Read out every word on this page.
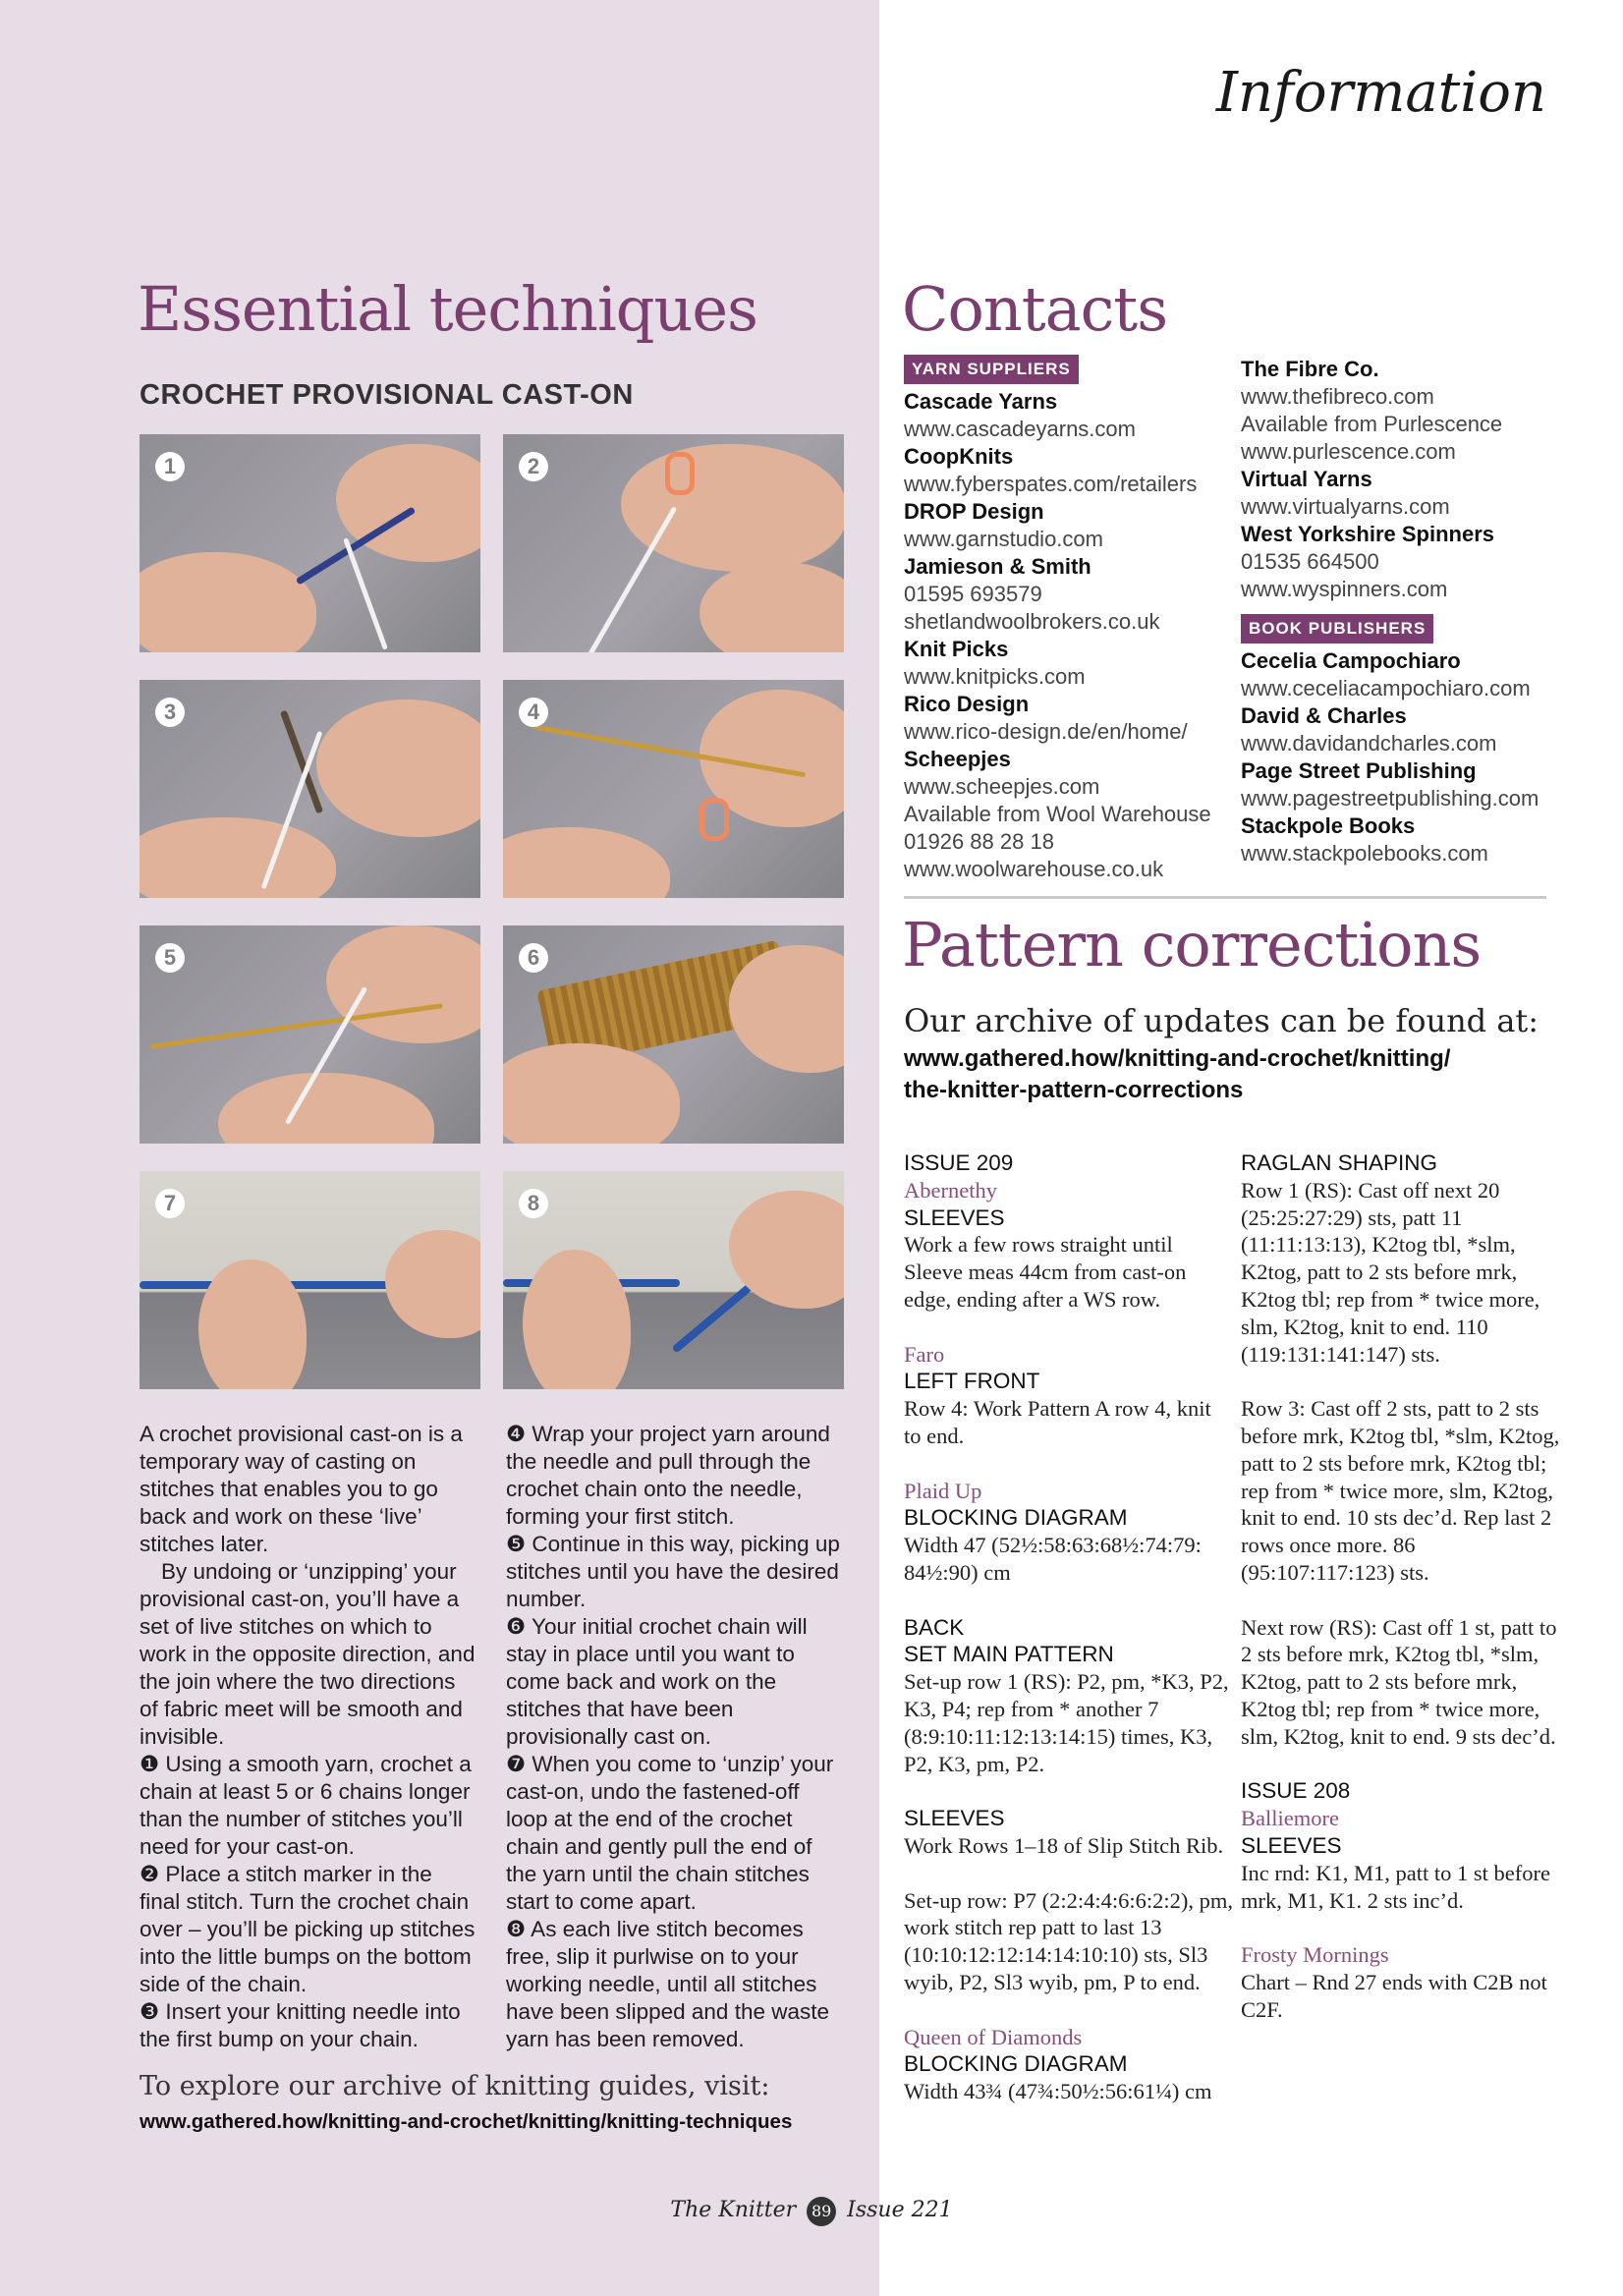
Information
Essential techniques
CROCHET PROVISIONAL CAST-ON
1	2
3	4
5	6
7	8

A crochet provisional cast-on is a temporary way of casting on stitches that enables you to go back and work on these ‘live’ stitches later.

By undoing or ‘unzipping’ your provisional cast-on, you’ll have a set of live stitches on which to work in the opposite direction, and the join where the two directions of fabric meet will be smooth and invisible.

❶ Using a smooth yarn, crochet a chain at least 5 or 6 chains longer than the number of stitches you’ll need for your cast-on.

❷ Place a stitch marker in the final stitch. Turn the crochet chain over – you’ll be picking up stitches into the little bumps on the bottom side of the chain.

❸ Insert your knitting needle into the first bump on your chain.

❹ Wrap your project yarn around the needle and pull through the crochet chain onto the needle, forming your first stitch.

❺ Continue in this way, picking up stitches until you have the desired number.

❻ Your initial crochet chain will stay in place until you want to come back and work on the stitches that have been provisionally cast on.

❼ When you come to ‘unzip’ your cast-on, undo the fastened-off loop at the end of the crochet chain and gently pull the end of the yarn until the chain stitches start to come apart.

❽ As each live stitch becomes free, slip it purlwise on to your working needle, until all stitches have been slipped and the waste yarn has been removed.

To explore our archive of knitting guides, visit:
www.gathered.how/knitting-and-crochet/knitting/knitting-techniques
Contacts
YARN SUPPLIERS
Cascade Yarns
www.cascadeyarns.com
CoopKnits
www.fyberspates.com/retailers
DROP Design
www.garnstudio.com
Jamieson & Smith
01595 693579
shetlandwoolbrokers.co.uk
Knit Picks
www.knitpicks.com
Rico Design
www.rico-design.de/en/home/
Scheepjes
www.scheepjes.com
Available from Wool Warehouse
01926 88 28 18
www.woolwarehouse.co.uk
The Fibre Co.
www.thefibreco.com
Available from Purlescence
www.purlescence.com
Virtual Yarns
www.virtualyarns.com
West Yorkshire Spinners
01535 664500
www.wyspinners.com
BOOK PUBLISHERS
Cecelia Campochiaro
www.ceceliacampochiaro.com
David & Charles
www.davidandcharles.com
Page Street Publishing
www.pagestreetpublishing.com
Stackpole Books
www.stackpolebooks.com
Pattern corrections
Our archive of updates can be found at:
www.gathered.how/knitting-and-crochet/knitting/
the-knitter-pattern-corrections

ISSUE 209

Abernethy

SLEEVES

Work a few rows straight until Sleeve meas 44cm from cast-on edge, ending after a WS row.

Faro

LEFT FRONT

Row 4: Work Pattern A row 4, knit to end.

Plaid Up

BLOCKING DIAGRAM

Width 47 (52½:58:63:68½:74:79: 84½:90) cm

BACK

SET MAIN PATTERN

Set-up row 1 (RS): P2, pm, *K3, P2, K3, P4; rep from * another 7 (8:9:10:11:12:13:14:15) times, K3, P2, K3, pm, P2.

SLEEVES

Work Rows 1–18 of Slip Stitch Rib.

Set-up row: P7 (2:2:4:4:6:6:2:2), pm, work stitch rep patt to last 13 (10:10:12:12:14:14:10:10) sts, Sl3 wyib, P2, Sl3 wyib, pm, P to end.

Queen of Diamonds

BLOCKING DIAGRAM

Width 43¾ (47¾:50½:56:61¼) cm

RAGLAN SHAPING

Row 1 (RS): Cast off next 20 (25:25:27:29) sts, patt 11 (11:11:13:13), K2tog tbl, *slm, K2tog, patt to 2 sts before mrk, K2tog tbl; rep from * twice more, slm, K2tog, knit to end. 110 (119:131:141:147) sts.

Row 3: Cast off 2 sts, patt to 2 sts before mrk, K2tog tbl, *slm, K2tog, patt to 2 sts before mrk, K2tog tbl; rep from * twice more, slm, K2tog, knit to end. 10 sts dec’d. Rep last 2 rows once more. 86 (95:107:117:123) sts.

Next row (RS): Cast off 1 st, patt to 2 sts before mrk, K2tog tbl, *slm, K2tog, patt to 2 sts before mrk, K2tog tbl; rep from * twice more, slm, K2tog, knit to end. 9 sts dec’d.

ISSUE 208

Balliemore

SLEEVES

Inc rnd: K1, M1, patt to 1 st before mrk, M1, K1. 2 sts inc’d.

Frosty Mornings

Chart – Rnd 27 ends with C2B not C2F.

The Knitter 89 Issue 221
